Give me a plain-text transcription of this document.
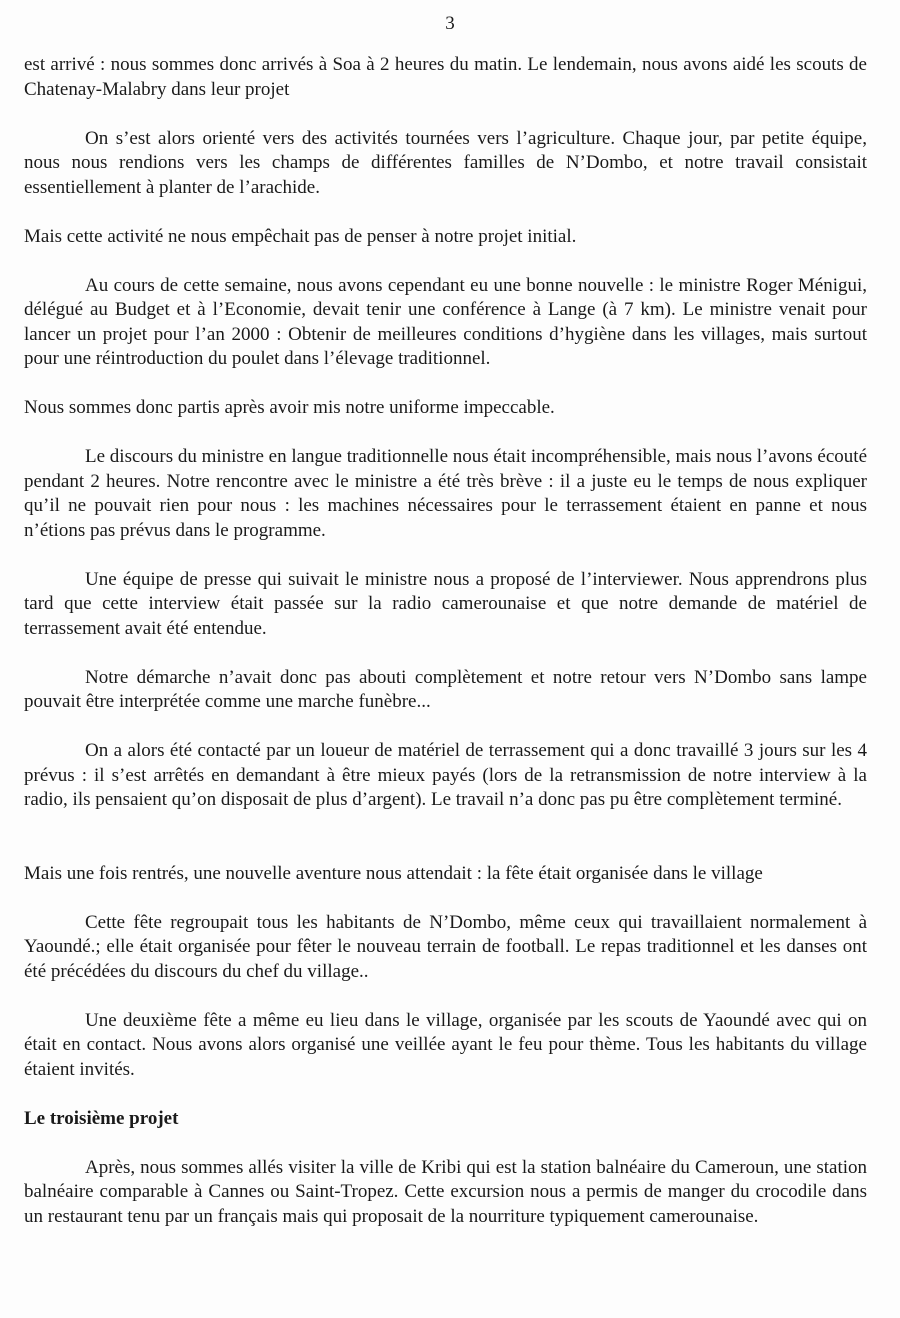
3

est arrivé : nous sommes donc arrivés à Soa à 2 heures du matin. Le lendemain, nous avons aidé les scouts de Chatenay-Malabry dans leur projet

On s’est alors orienté vers des activités tournées vers l’agriculture. Chaque jour, par petite équipe, nous nous rendions vers les champs de différentes familles de N’Dombo, et notre travail consistait essentiellement à planter de l’arachide.

Mais cette activité ne nous empêchait pas de penser à notre projet initial.

Au cours de cette semaine, nous avons cependant eu une bonne nouvelle : le ministre Roger Ménigui, délégué au Budget et à l’Economie, devait tenir une conférence à Lange (à 7 km). Le ministre venait pour lancer un projet pour l’an 2000 : Obtenir de meilleures conditions d’hygiène dans les villages, mais surtout pour une réintroduction du poulet dans l’élevage traditionnel.

Nous sommes donc partis après avoir mis notre uniforme impeccable.

Le discours du ministre en langue traditionnelle nous était incompréhensible, mais nous l’avons écouté pendant 2 heures. Notre rencontre avec le ministre a été très brève : il a juste eu le temps de nous expliquer qu’il ne pouvait rien pour nous : les machines nécessaires pour le terrassement étaient en panne et nous n’étions pas prévus dans le programme.

Une équipe de presse qui suivait le ministre nous a proposé de l’interviewer. Nous apprendrons plus tard que cette interview était passée sur la radio camerounaise et que notre demande de matériel de terrassement avait été entendue.

Notre démarche n’avait donc pas abouti complètement et notre retour vers N’Dombo sans lampe pouvait être interprétée comme une marche funèbre...

On a alors été contacté par un loueur de matériel de terrassement qui a donc travaillé 3 jours sur les 4 prévus : il s’est arrêtés en demandant à être mieux payés (lors de la retransmission de notre interview à la radio, ils pensaient qu’on disposait de plus d’argent). Le travail n’a donc pas pu être complètement terminé.

Mais une fois rentrés, une nouvelle aventure nous attendait : la fête était organisée dans le village

Cette fête regroupait tous les habitants de N’Dombo, même ceux qui travaillaient normalement à Yaoundé.; elle était organisée pour fêter le nouveau terrain de football. Le repas traditionnel et les danses ont été précédées du discours du chef du village..

Une deuxième fête a même eu lieu dans le village, organisée par les scouts de Yaoundé avec qui on était en contact. Nous avons alors organisé une veillée ayant le feu pour thème. Tous les habitants du village étaient invités.

Le troisième projet

Après, nous sommes allés visiter la ville de Kribi qui est la station balnéaire du Cameroun, une station balnéaire comparable à Cannes ou Saint-Tropez. Cette excursion nous a permis de manger du crocodile dans un restaurant tenu par un français mais qui proposait de la nourriture typiquement camerounaise.
